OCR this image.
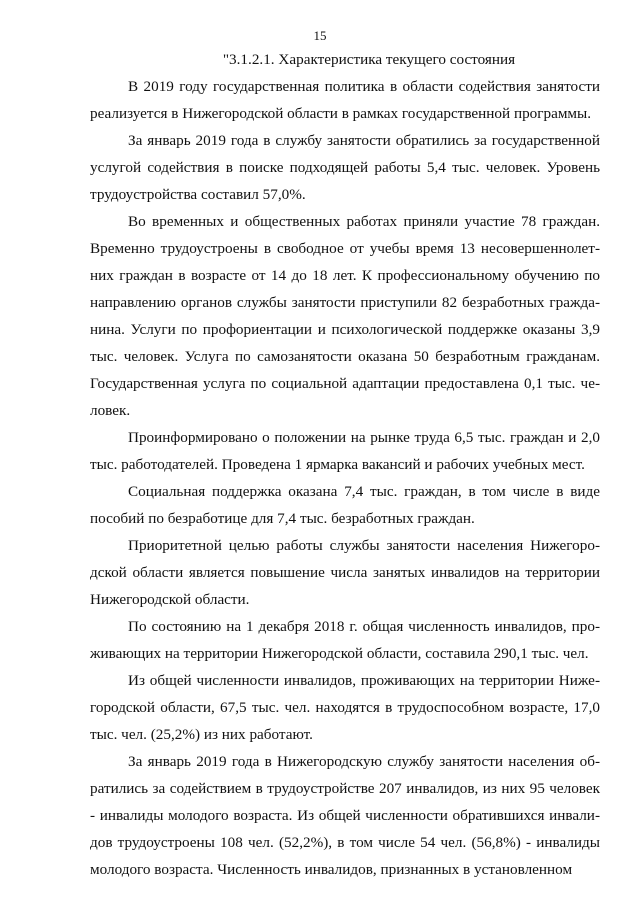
15

"3.1.2.1. Характеристика текущего состояния

В 2019 году государственная политика в области содействия занятости реализуется в Нижегородской области в рамках государственной программы.

За январь 2019 года в службу занятости обратились за государственной услугой содействия в поиске подходящей работы 5,4 тыс. человек. Уровень трудоустройства составил 57,0%.

Во временных и общественных работах приняли участие 78 граждан. Временно трудоустроены в свободное от учебы время 13 несовершеннолетних граждан в возрасте от 14 до 18 лет. К профессиональному обучению по направлению органов службы занятости приступили 82 безработных гражданина. Услуги по профориентации и психологической поддержке оказаны 3,9 тыс. человек. Услуга по самозанятости оказана 50 безработным гражданам. Государственная услуга по социальной адаптации предоставлена 0,1 тыс. человек.

Проинформировано о положении на рынке труда 6,5 тыс. граждан и 2,0 тыс. работодателей. Проведена 1 ярмарка вакансий и рабочих учебных мест.

Социальная поддержка оказана 7,4 тыс. граждан, в том числе в виде пособий по безработице для 7,4 тыс. безработных граждан.

Приоритетной целью работы службы занятости населения Нижегородской области является повышение числа занятых инвалидов на территории Нижегородской области.

По состоянию на 1 декабря 2018 г. общая численность инвалидов, проживающих на территории Нижегородской области, составила 290,1 тыс. чел.

Из общей численности инвалидов, проживающих на территории Нижегородской области, 67,5 тыс. чел. находятся в трудоспособном возрасте, 17,0 тыс. чел. (25,2%) из них работают.

За январь 2019 года в Нижегородскую службу занятости населения обратились за содействием в трудоустройстве 207 инвалидов, из них 95 человек - инвалиды молодого возраста. Из общей численности обратившихся инвалидов трудоустроены 108 чел. (52,2%), в том числе 54 чел. (56,8%) - инвалиды молодого возраста. Численность инвалидов, признанных в установленном
